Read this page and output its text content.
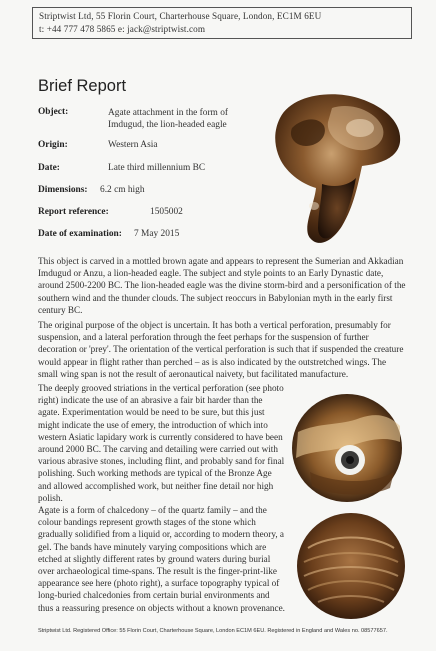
Striptwist Ltd, 55 Florin Court, Charterhouse Square, London, EC1M 6EU
t: +44 777 478 5865 e: jack@striptwist.com
Brief Report
Object:	Agate attachment in the form of Imdugud, the lion-headed eagle
Origin:	Western Asia
Date:	Late third millennium BC
Dimensions: 6.2 cm high
Report reference:	1505002
Date of examination: 7 May 2015

This object is carved in a mottled brown agate and appears to represent the Sumerian and Akkadian Imdugud or Anzu, a lion-headed eagle. The subject and style points to an Early Dynastic date, around 2500-2200 BC. The lion-headed eagle was the divine storm-bird and a personification of the southern wind and the thunder clouds. The subject reoccurs in Babylonian myth in the early first century BC.

The original purpose of the object is uncertain. It has both a vertical perforation, presumably for suspension, and a lateral perforation through the feet perhaps for the suspension of further decoration or 'prey'. The orientation of the vertical perforation is such that if suspended the creature would appear in flight rather than perched – as is also indicated by the outstretched wings. The small wing span is not the result of aeronautical naivety, but facilitated manufacture.

The deeply grooved striations in the vertical perforation (see photo right) indicate the use of an abrasive a fair bit harder than the agate. Experimentation would be need to be sure, but this just might indicate the use of emery, the introduction of which into western Asiatic lapidary work is currently considered to have been around 2000 BC. The carving and detailing were carried out with various abrasive stones, including flint, and probably sand for final polishing. Such working methods are typical of the Bronze Age and allowed accomplished work, but neither fine detail nor high polish.

Agate is a form of chalcedony – of the quartz family – and the colour bandings represent growth stages of the stone which gradually solidified from a liquid or, according to modern theory, a gel. The bands have minutely varying compositions which are etched at slightly different rates by ground waters during burial over archaeological time-spans. The result is the finger-print-like appearance see here (photo right), a surface topography typical of long-buried chalcedonies from certain burial environments and thus a reassuring presence on objects without a known provenance.

Striptwist Ltd. Registered Office: 55 Florin Court, Charterhouse Square, London EC1M 6EU. Registered in England and Wales no. 08577657.
